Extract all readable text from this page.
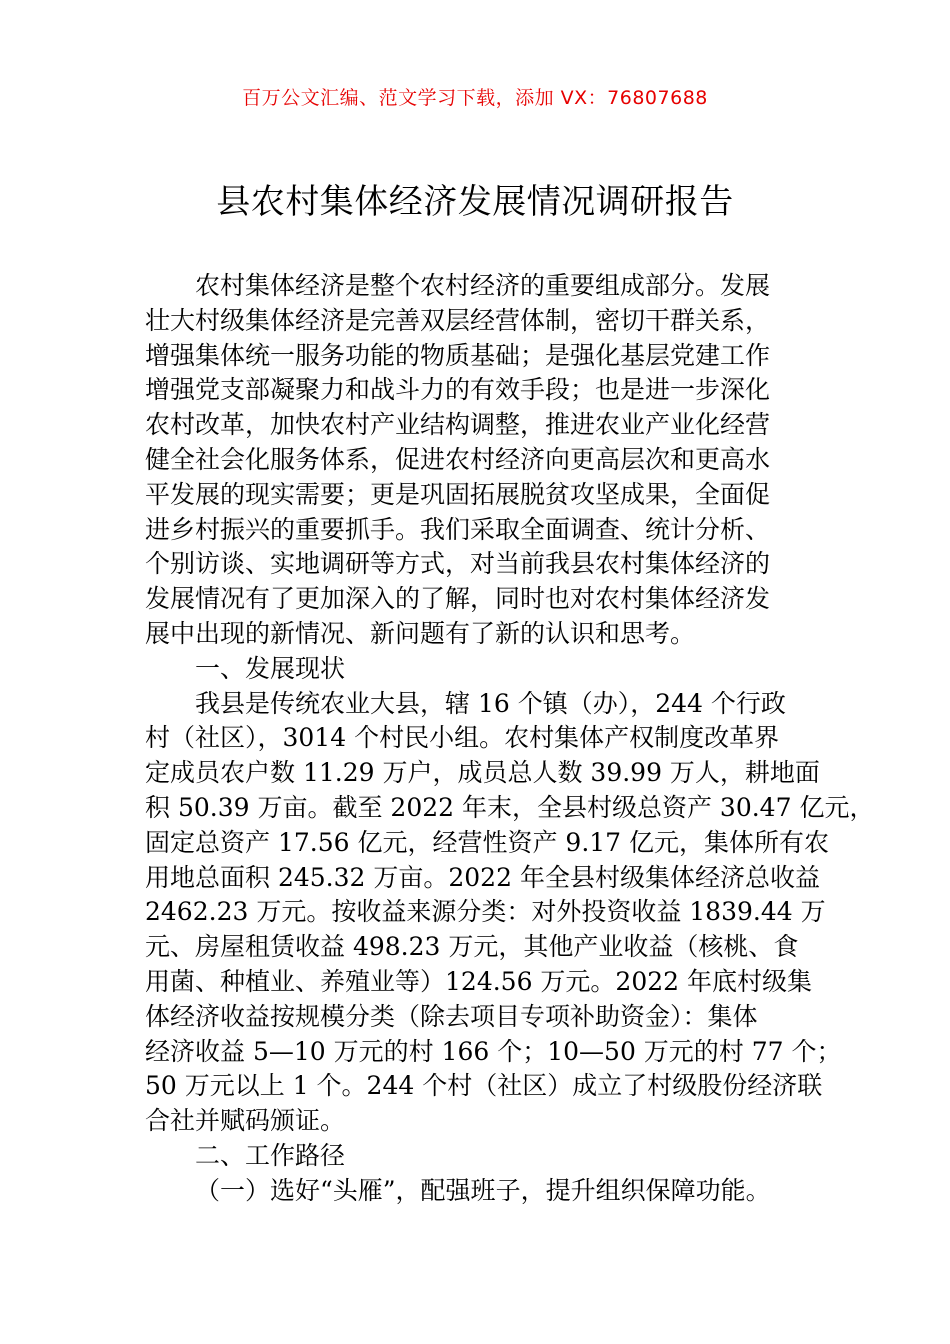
百万公文汇编、范文学习下载，添加 VX：76807688
县农村集体经济发展情况调研报告
农村集体经济是整个农村经济的重要组成部分。发展
壮大村级集体经济是完善双层经营体制，密切干群关系，
增强集体统一服务功能的物质基础；是强化基层党建工作
增强党支部凝聚力和战斗力的有效手段；也是进一步深化
农村改革，加快农村产业结构调整，推进农业产业化经营
健全社会化服务体系，促进农村经济向更高层次和更高水
平发展的现实需要；更是巩固拓展脱贫攻坚成果，全面促
进乡村振兴的重要抓手。我们采取全面调查、统计分析、
个别访谈、实地调研等方式，对当前我县农村集体经济的
发展情况有了更加深入的了解，同时也对农村集体经济发
展中出现的新情况、新问题有了新的认识和思考。
一、发展现状
我县是传统农业大县，辖 16 个镇（办），244 个行政
村（社区），3014 个村民小组。农村集体产权制度改革界
定成员农户数 11.29 万户，成员总人数 39.99 万人，耕地面
积 50.39 万亩。截至 2022 年末，全县村级总资产 30.47 亿元，
固定总资产 17.56 亿元，经营性资产 9.17 亿元，集体所有农
用地总面积 245.32 万亩。2022 年全县村级集体经济总收益
2462.23 万元。按收益来源分类：对外投资收益 1839.44 万
元、房屋租赁收益 498.23 万元，其他产业收益（核桃、食
用菌、种植业、养殖业等）124.56 万元。2022 年底村级集
体经济收益按规模分类（除去项目专项补助资金）：集体
经济收益 5—10 万元的村 166 个；10—50 万元的村 77 个；
50 万元以上 1 个。244 个村（社区）成立了村级股份经济联
合社并赋码颁证。
二、工作路径
（一）选好“头雁”，配强班子，提升组织保障功能。
